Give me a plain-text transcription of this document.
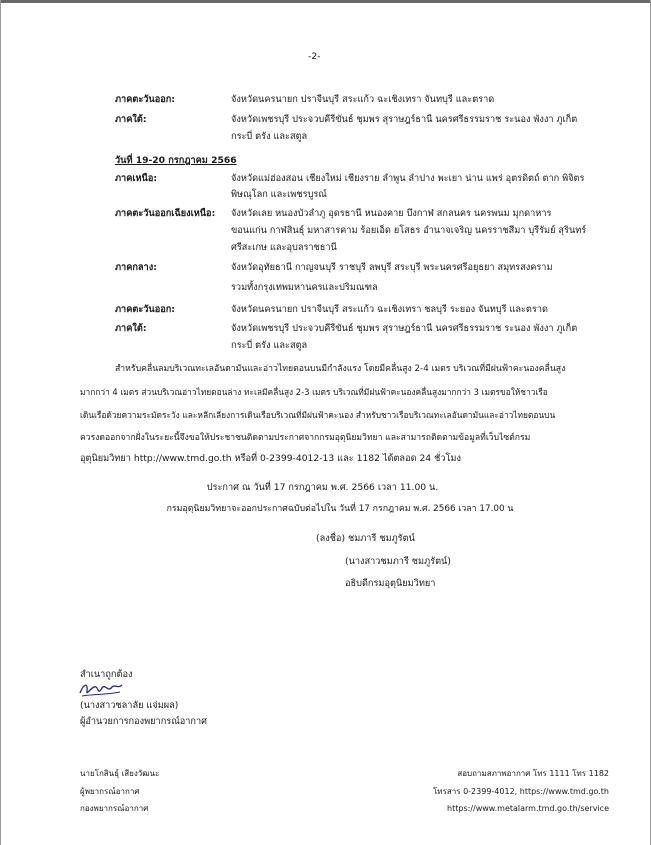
-2-
ภาคตะวันออก:	จังหวัดนครนายก ปราจีนบุรี สระแก้ว ฉะเชิงเทรา จันทบุรี และตราด
ภาคใต้:	จังหวัดเพชรบุรี ประจวบคีรีขันธ์ ชุมพร สุราษฎร์ธานี นครศรีธรรมราช ระนอง พังงา ภูเก็ต
กระบี่ ตรัง และสตูล
วันที่ 19-20 กรกฎาคม 2566
ภาคเหนือ:	จังหวัดแม่ฮ่องสอน เชียงใหม่ เชียงราย ลำพูน ลำปาง พะเยา น่าน แพร่ อุตรดิตถ์ ตาก พิจิตร
พิษณุโลก และเพชรบูรณ์
ภาคตะวันออกเฉียงเหนือ: จังหวัดเลย หนองบัวลำภู อุดรธานี หนองคาย บึงกาฬ สกลนคร นครพนม มุกดาหาร
ขอนแก่น กาฬสินธุ์ มหาสารคาม ร้อยเอ็ด ยโสธร อำนาจเจริญ นครราชสีมา บุรีรัมย์ สุรินทร์
ศรีสะเกษ และอุบลราชธานี
ภาคกลาง:	จังหวัดอุทัยธานี กาญจนบุรี ราชบุรี ลพบุรี สระบุรี พระนครศรีอยุธยา สมุทรสงคราม
รวมทั้งกรุงเทพมหานครและปริมณฑล
ภาคตะวันออก:	จังหวัดนครนายก ปราจีนบุรี สระแก้ว ฉะเชิงเทรา ชลบุรี ระยอง จันทบุรี และตราด
ภาคใต้:	จังหวัดเพชรบุรี ประจวบคีรีขันธ์ ชุมพร สุราษฎร์ธานี นครศรีธรรมราช ระนอง พังงา ภูเก็ต
กระบี่ ตรัง และสตูล
สำหรับคลื่นลมบริเวณทะเลอันดามันและอ่าวไทยตอนบนมีกำลังแรง โดยมีคลื่นสูง 2-4 เมตร บริเวณที่มีฝนฟ้าคะนองคลื่นสูง
มากกว่า 4 เมตร ส่วนบริเวณอ่าวไทยตอนล่าง ทะเลมีคลื่นสูง 2-3 เมตร บริเวณที่มีฝนฟ้าคะนองคลื่นสูงมากกว่า 3 เมตรขอให้ชาวเรือ
เดินเรือด้วยความระมัดระวัง และหลีกเลี่ยงการเดินเรือบริเวณที่มีฝนฟ้าคะนอง สำหรับชาวเรือบริเวณทะเลอันดามันและอ่าวไทยตอนบน
ควรงดออกจากฝั่งในระยะนี้จึงขอให้ประชาชนติดตามประกาศจากกรมอุตุนิยมวิทยา และสามารถติดตามข้อมูลที่เว็บไซต์กรม
อุตุนิยมวิทยา http://www.tmd.go.th หรือที่ 0-2399-4012-13 และ 1182 ได้ตลอด 24 ชั่วโมง
ประกาศ ณ วันที่ 17 กรกฎาคม พ.ศ. 2566 เวลา 11.00 น.
กรมอุตุนิยมวิทยาจะออกประกาศฉบับต่อไปใน วันที่ 17 กรกฎาคม พ.ศ. 2566 เวลา 17.00 น
(ลงชื่อ) ชมภารี ชมภูรัตน์
(นางสาวชมภารี ชมภูรัตน์)
อธิบดีกรมอุตุนิยมวิทยา
สำเนาถูกต้อง
(นางสาวชลาลัย แจ่มผล)
ผู้อำนวยการกองพยากรณ์อากาศ
นายโกสินธุ์ เสียงวัฒนะ
ผู้พยากรณ์อากาศ
กองพยากรณ์อากาศ
สอบถามสภาพอากาศ โทร 1111 โทร 1182
โทรสาร 0-2399-4012, https://www.tmd.go.th
https://www.metalarm.tmd.go.th/service
